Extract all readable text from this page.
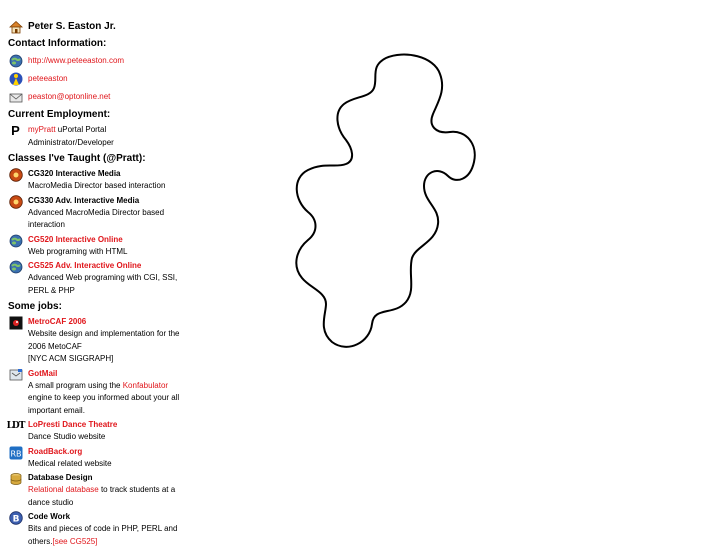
Peter S. Easton Jr.
Contact Information:
http://www.peteeaston.com
peteeaston
peaston@optonline.net
Current Employment:
P	myPratt uPortal Portal
Administrator/Developer
Classes I've Taught (@Pratt):
CG320 Interactive Media
MacroMedia Director based interaction
CG330 Adv. Interactive Media
Advanced MacroMedia Director based
interaction
CG520 Interactive Online
Web programing with HTML
CG525 Adv. Interactive Online
Advanced Web programing with CGI, SSI,
PERL & PHP
Some jobs:
MetroCAF 2006
Website design and implementation for the
2006 MetoCAF
[NYC ACM SIGGRAPH]
GotMail
A small program using the Konfabulator
engine to keep you informed about your all
important email.
LDT LoPresti Dance Theatre
Dance Studio website
RB RoadBack.org
Medical related website
Database Design
Relational database to track students at a
dance studio
B Code Work
Bits and pieces of code in PHP, PERL and
others.[see CG525]
